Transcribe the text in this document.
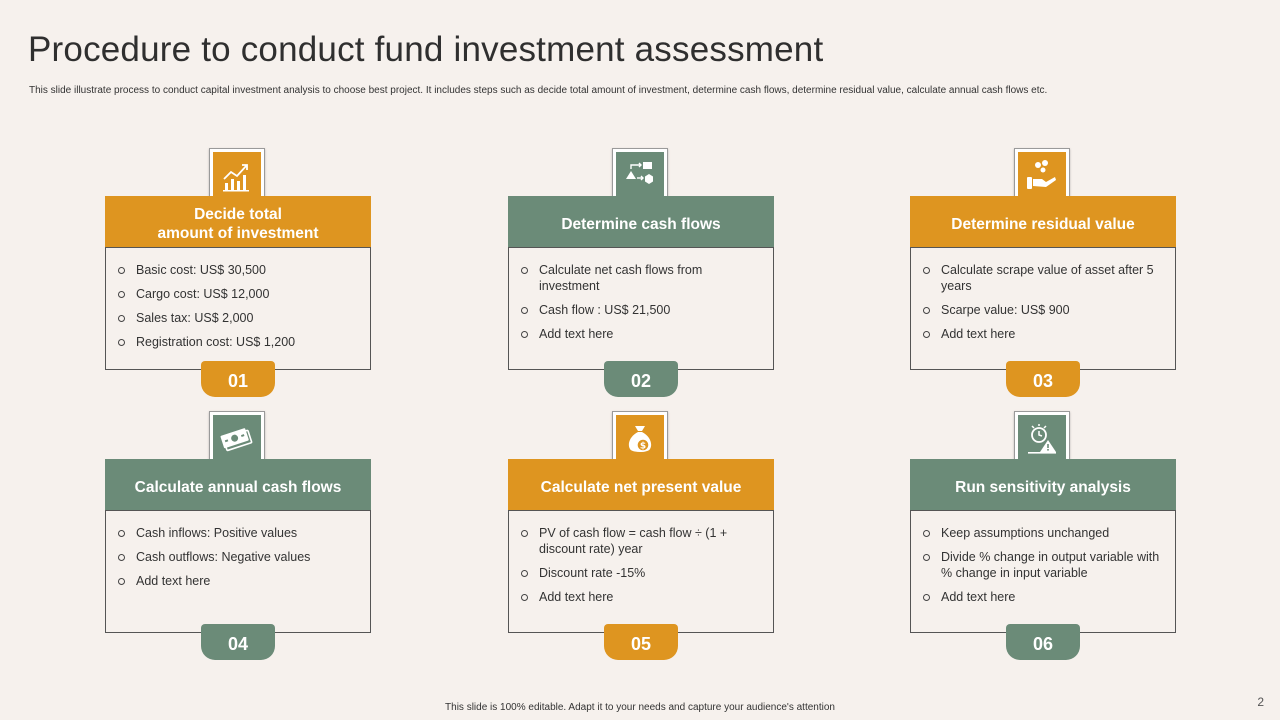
Procedure to conduct fund investment assessment

This slide illustrate process to conduct capital investment analysis to choose best project. It includes steps such as decide total amount of investment, determine cash flows, determine residual value, calculate annual cash flows etc.

Decide total
amount of investment
Basic cost: US$ 30,500
Cargo cost: US$ 12,000
Sales tax: US$ 2,000
Registration cost: US$ 1,200
01
Determine cash flows
Calculate net cash flows from investment
Cash flow : US$ 21,500
Add text here
02
Determine residual value
Calculate scrape value of asset after 5 years
Scarpe value: US$ 900
Add text here
03
Calculate annual cash flows
Cash inflows: Positive values
Cash outflows: Negative values
Add text here
04
$
Calculate net present value
PV of cash flow = cash flow ÷ (1 + discount rate) year
Discount rate -15%
Add text here
05
Run sensitivity analysis
Keep assumptions unchanged
Divide % change in output variable with % change in input variable
Add text here
06
This slide is 100% editable. Adapt it to your needs and capture your audience's attention	2
